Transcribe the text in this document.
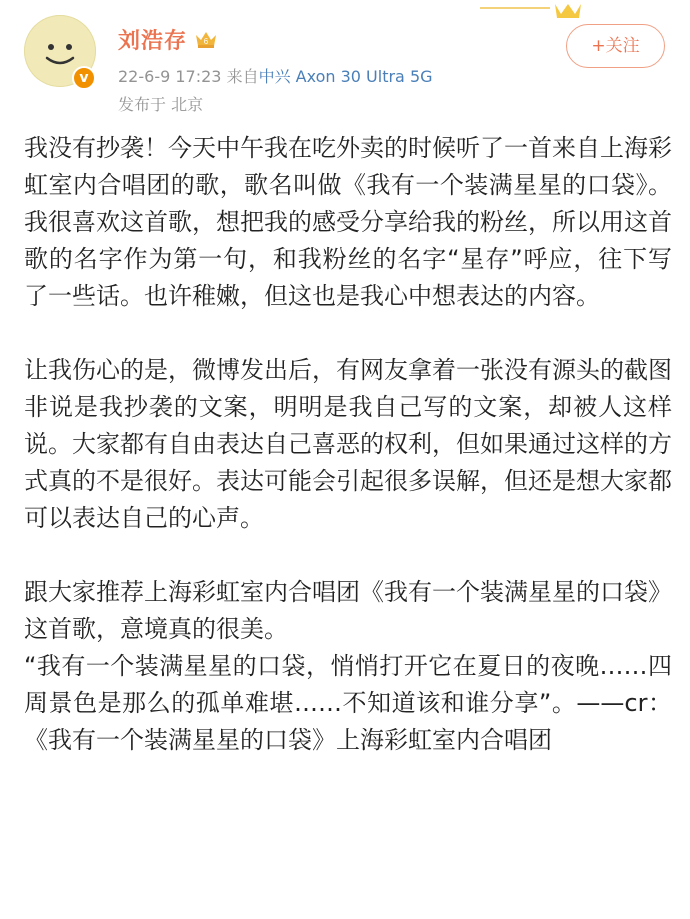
v
刘浩存 6
22-6-9 17:23 来自中兴 Axon 30 Ultra 5G
发布于 北京
+关注

我没有抄袭！今天中午我在吃外卖的时候听了一首来自上海彩虹室内合唱团的歌，歌名叫做《我有一个装满星星的口袋》。我很喜欢这首歌，想把我的感受分享给我的粉丝，所以用这首歌的名字作为第一句，和我粉丝的名字“星存”呼应，往下写了一些话。也许稚嫩，但这也是我心中想表达的内容。

让我伤心的是，微博发出后，有网友拿着一张没有源头的截图非说是我抄袭的文案，明明是我自己写的文案，却被人这样说。大家都有自由表达自己喜恶的权利，但如果通过这样的方式真的不是很好。表达可能会引起很多误解，但还是想大家都可以表达自己的心声。

跟大家推荐上海彩虹室内合唱团《我有一个装满星星的口袋》这首歌，意境真的很美。

“我有一个装满星星的口袋，悄悄打开它在夏日的夜晚……四周景色是那么的孤单难堪……不知道该和谁分享”。——cr：《我有一个装满星星的口袋》上海彩虹室内合唱团
